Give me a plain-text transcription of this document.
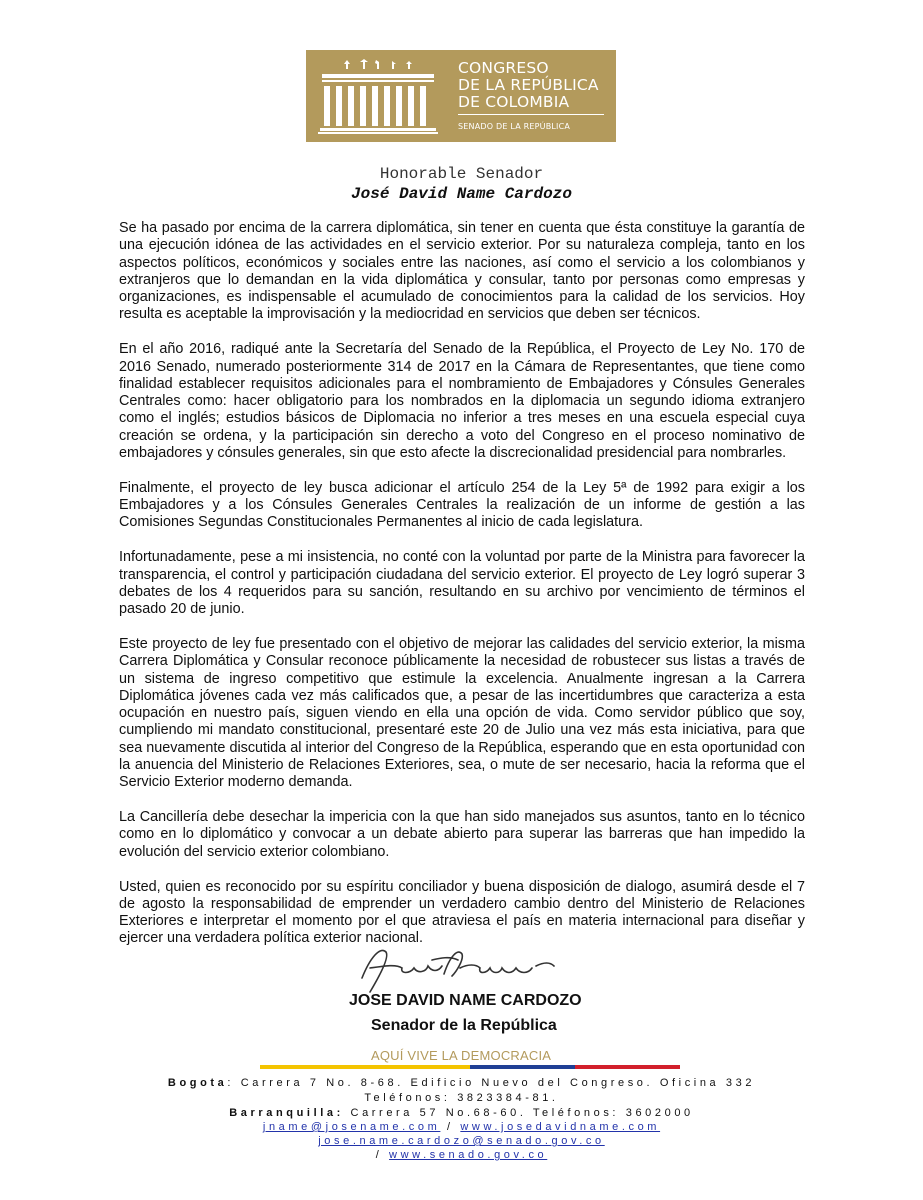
CONGRESO
DE LA REPÚBLICA
DE COLOMBIA
SENADO DE LA REPÚBLICA
Honorable Senador
José David Name Cardozo

Se ha pasado por encima de la carrera diplomática, sin tener en cuenta que ésta constituye la garantía de una ejecución idónea de las actividades en el servicio exterior. Por su naturaleza compleja, tanto en los aspectos políticos, económicos y sociales entre las naciones, así como el servicio a los colombianos y extranjeros que lo demandan en la vida diplomática y consular, tanto por personas como empresas y organizaciones, es indispensable el acumulado de conocimientos para la calidad de los servicios. Hoy resulta es aceptable la improvisación y la mediocridad en servicios que deben ser técnicos.

En el año 2016, radiqué ante la Secretaría del Senado de la República, el Proyecto de Ley No. 170 de 2016 Senado, numerado posteriormente 314 de 2017 en la Cámara de Representantes, que tiene como finalidad establecer requisitos adicionales para el nombramiento de Embajadores y Cónsules Generales Centrales como: hacer obligatorio para los nombrados en la diplomacia un segundo idioma extranjero como el inglés; estudios básicos de Diplomacia no inferior a tres meses en una escuela especial cuya creación se ordena, y la participación sin derecho a voto del Congreso en el proceso nominativo de embajadores y cónsules generales, sin que esto afecte la discrecionalidad presidencial para nombrarles.

Finalmente, el proyecto de ley busca adicionar el artículo 254 de la Ley 5ª de 1992 para exigir a los Embajadores y a los Cónsules Generales Centrales la realización de un informe de gestión a las Comisiones Segundas Constitucionales Permanentes al inicio de cada legislatura.

Infortunadamente, pese a mi insistencia, no conté con la voluntad por parte de la Ministra para favorecer la transparencia, el control y participación ciudadana del servicio exterior. El proyecto de Ley logró superar 3 debates de los 4 requeridos para su sanción, resultando en su archivo por vencimiento de términos el pasado 20 de junio.

Este proyecto de ley fue presentado con el objetivo de mejorar las calidades del servicio exterior, la misma Carrera Diplomática y Consular reconoce públicamente la necesidad de robustecer sus listas a través de un sistema de ingreso competitivo que estimule la excelencia. Anualmente ingresan a la Carrera Diplomática jóvenes cada vez más calificados que, a pesar de las incertidumbres que caracteriza a esta ocupación en nuestro país, siguen viendo en ella una opción de vida. Como servidor público que soy, cumpliendo mi mandato constitucional, presentaré este 20 de Julio una vez más esta iniciativa, para que sea nuevamente discutida al interior del Congreso de la República, esperando que en esta oportunidad con la anuencia del Ministerio de Relaciones Exteriores, sea, o mute de ser necesario, hacia la reforma que el Servicio Exterior moderno demanda.

La Cancillería debe desechar la impericia con la que han sido manejados sus asuntos, tanto en lo técnico como en lo diplomático y convocar a un debate abierto para superar las barreras que han impedido la evolución del servicio exterior colombiano.

Usted, quien es reconocido por su espíritu conciliador y buena disposición de dialogo, asumirá desde el 7 de agosto la responsabilidad de emprender un verdadero cambio dentro del Ministerio de Relaciones Exteriores e interpretar el momento por el que atraviesa el país en materia internacional para diseñar y ejercer una verdadera política exterior nacional.

JOSE DAVID NAME CARDOZO
Senador de la República
AQUÍ VIVE LA DEMOCRACIA
Bogota: Carrera 7 No. 8-68. Edificio Nuevo del Congreso. Oficina 332
Teléfonos: 3823384-81.
Barranquilla: Carrera 57 No.68-60. Teléfonos: 3602000
jname@josename.com / www.josedavidname.com
jose.name.cardozo@senado.gov.co
/ www.senado.gov.co
